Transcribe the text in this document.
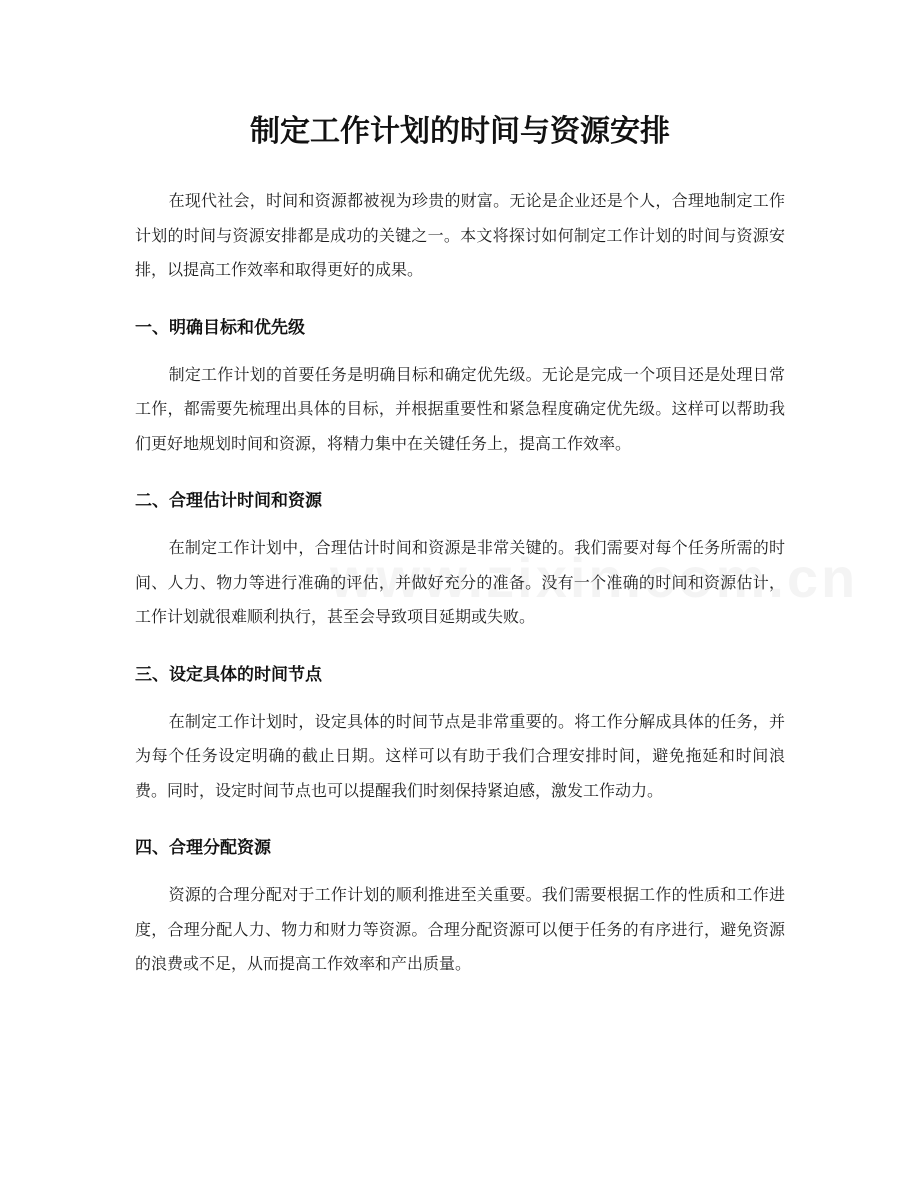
制定工作计划的时间与资源安排

在现代社会，时间和资源都被视为珍贵的财富。无论是企业还是个人，合理地制定工作计划的时间与资源安排都是成功的关键之一。本文将探讨如何制定工作计划的时间与资源安排，以提高工作效率和取得更好的成果。

一、明确目标和优先级

制定工作计划的首要任务是明确目标和确定优先级。无论是完成一个项目还是处理日常工作，都需要先梳理出具体的目标，并根据重要性和紧急程度确定优先级。这样可以帮助我们更好地规划时间和资源，将精力集中在关键任务上，提高工作效率。

二、合理估计时间和资源

在制定工作计划中，合理估计时间和资源是非常关键的。我们需要对每个任务所需的时间、人力、物力等进行准确的评估，并做好充分的准备。没有一个准确的时间和资源估计，工作计划就很难顺利执行，甚至会导致项目延期或失败。

三、设定具体的时间节点

在制定工作计划时，设定具体的时间节点是非常重要的。将工作分解成具体的任务，并为每个任务设定明确的截止日期。这样可以有助于我们合理安排时间，避免拖延和时间浪费。同时，设定时间节点也可以提醒我们时刻保持紧迫感，激发工作动力。

四、合理分配资源

资源的合理分配对于工作计划的顺利推进至关重要。我们需要根据工作的性质和工作进度，合理分配人力、物力和财力等资源。合理分配资源可以便于任务的有序进行，避免资源的浪费或不足，从而提高工作效率和产出质量。
